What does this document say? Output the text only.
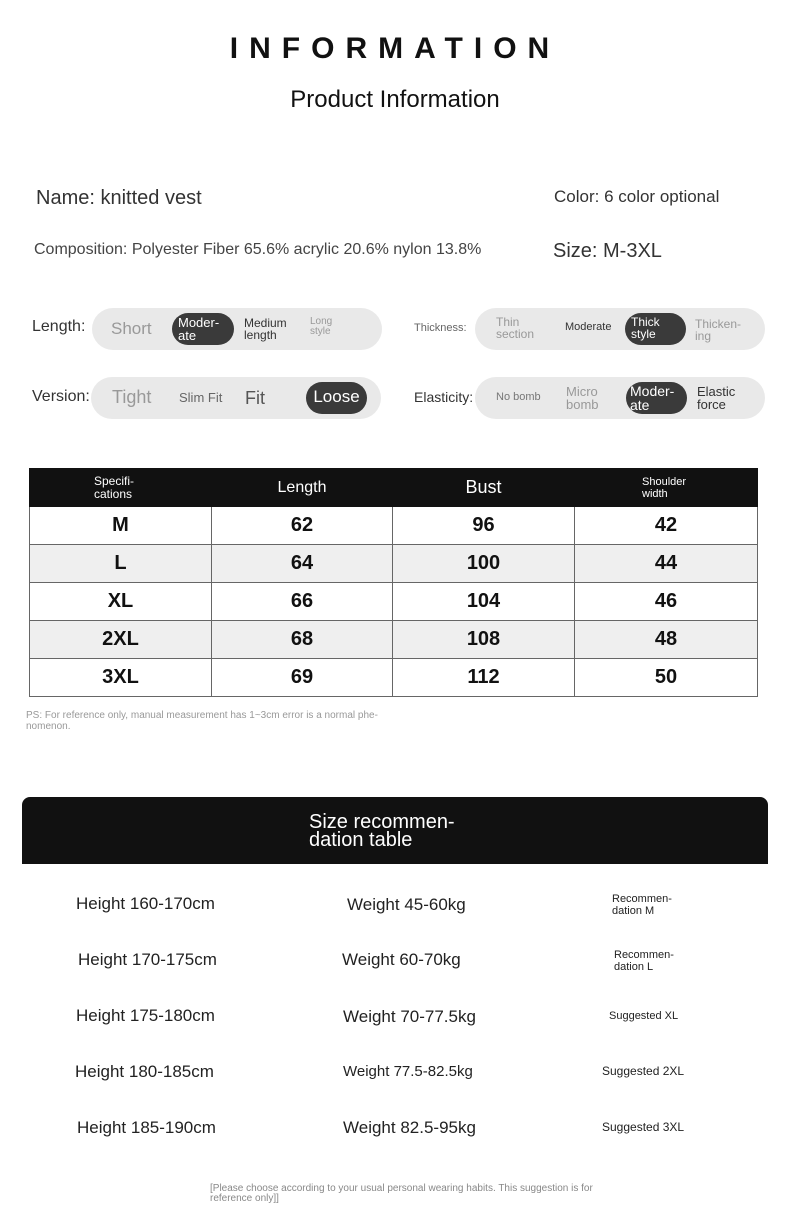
INFORMATION
Product Information
Name: knitted vest	Color: 6 color optional
Composition: Polyester Fiber 65.6% acrylic 20.6% nylon 13.8%	Size: M-3XL
Length: Short	Moder-
ate
Medium
length
Long
style	Thickness: Thin
section	Moderate	Thick
style
Thicken-
ing
Version: Tight Slim Fit Fit	Loose	Elasticity: No bomb Micro
bomb
Moder-
ate
Elastic
force
Specifi-
cations	Length	Bust	Shoulder
width
M	62	96	42
L	64	100	44
XL	66	104	46
2XL	68	108	48
3XL	69	112	50
PS: For reference only, manual measurement has 1~3cm error is a normal phe-
nomenon.
Size recommen-
dation table
Height 160-170cm	Weight 45-60kg	Recommen-
dation M
Height 170-175cm	Weight 60-70kg	Recommen-
dation L
Height 175-180cm	Weight 70-77.5kg	Suggested XL
Height 180-185cm	Weight 77.5-82.5kg	Suggested 2XL
Height 185-190cm	Weight 82.5-95kg	Suggested 3XL
[Please choose according to your usual personal wearing habits. This suggestion is for
reference only]]
